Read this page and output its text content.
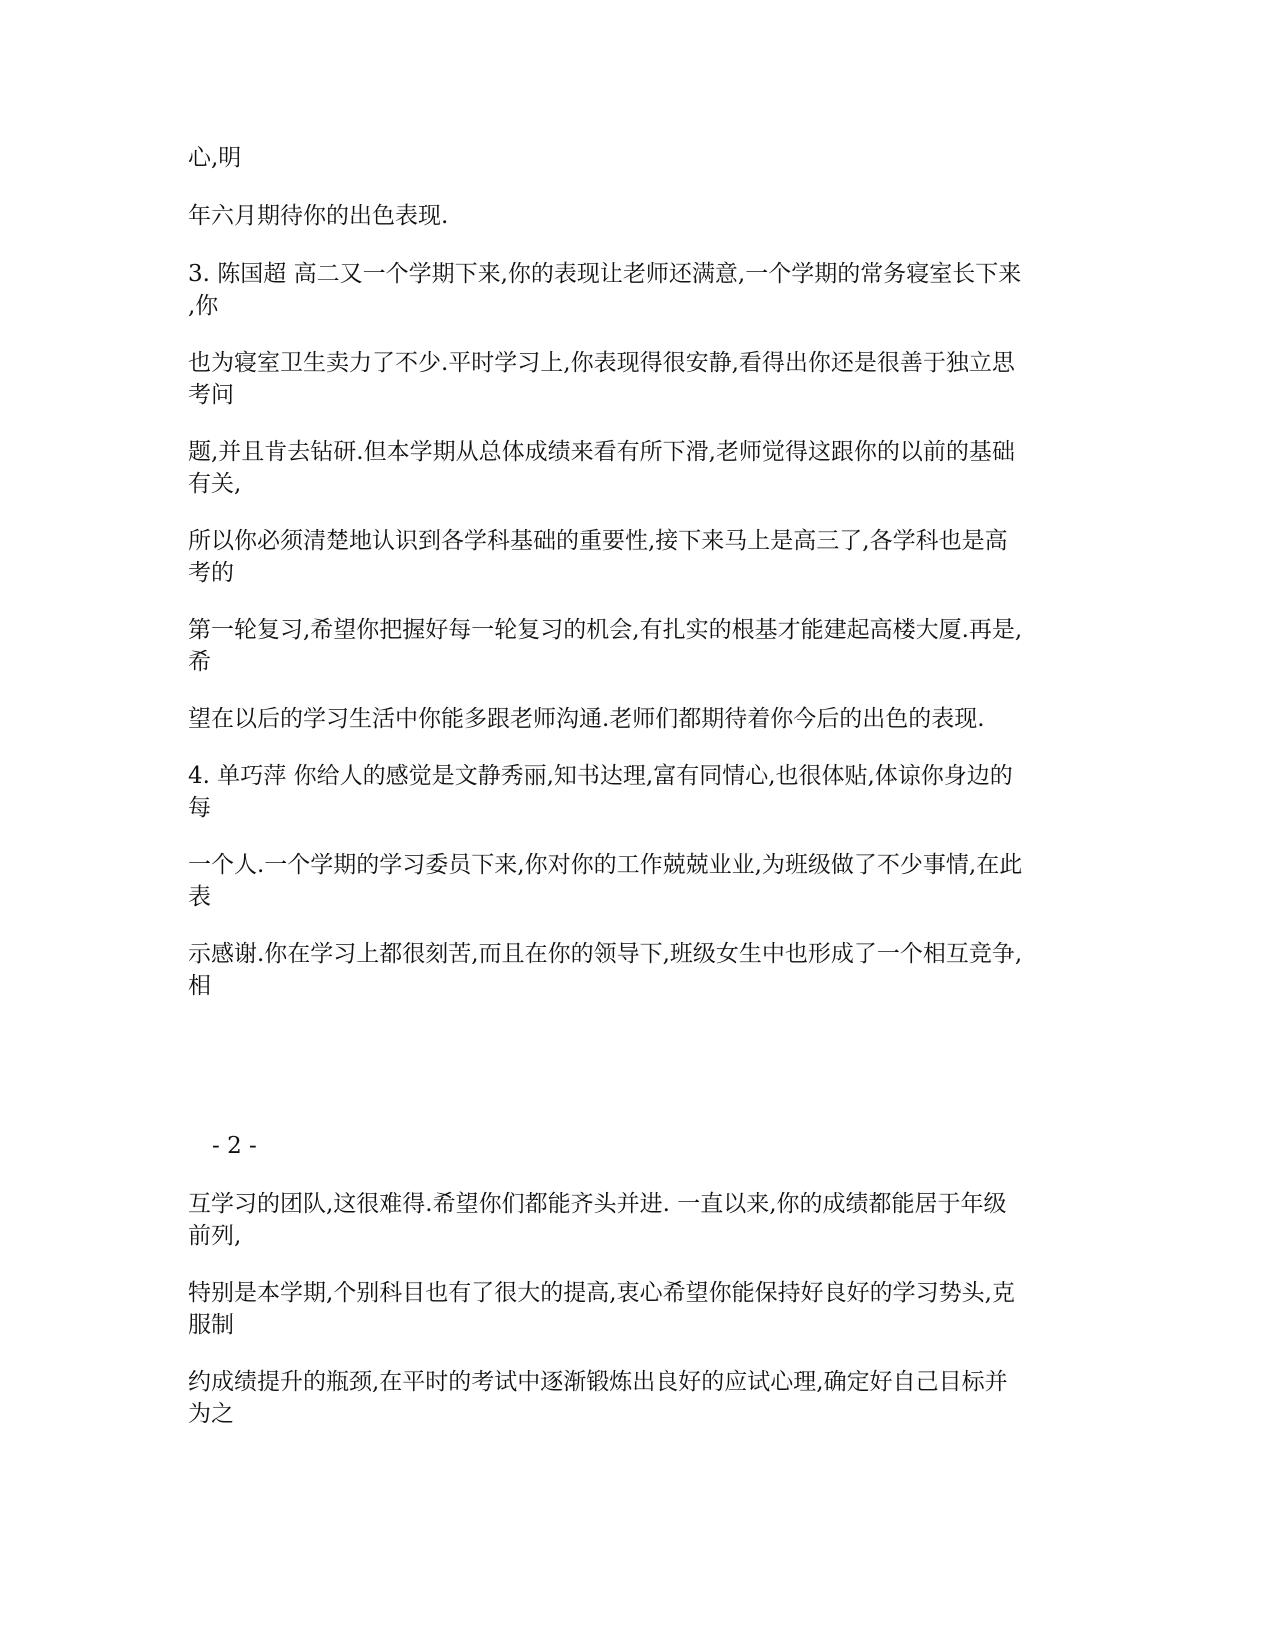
心,明

年六月期待你的出色表现.

3. 陈国超 高二又一个学期下来,你的表现让老师还满意,一个学期的常务寝室长下来
,你

也为寝室卫生卖力了不少.平时学习上,你表现得很安静,看得出你还是很善于独立思
考问

题,并且肯去钻研.但本学期从总体成绩来看有所下滑,老师觉得这跟你的以前的基础
有关,

所以你必须清楚地认识到各学科基础的重要性,接下来马上是高三了,各学科也是高
考的

第一轮复习,希望你把握好每一轮复习的机会,有扎实的根基才能建起高楼大厦.再是,
希

望在以后的学习生活中你能多跟老师沟通.老师们都期待着你今后的出色的表现.

4. 单巧萍 你给人的感觉是文静秀丽,知书达理,富有同情心,也很体贴,体谅你身边的
每

一个人.一个学期的学习委员下来,你对你的工作兢兢业业,为班级做了不少事情,在此
表

示感谢.你在学习上都很刻苦,而且在你的领导下,班级女生中也形成了一个相互竞争,
相

- 2 -

互学习的团队,这很难得.希望你们都能齐头并进. 一直以来,你的成绩都能居于年级
前列,

特别是本学期,个别科目也有了很大的提高,衷心希望你能保持好良好的学习势头,克
服制

约成绩提升的瓶颈,在平时的考试中逐渐锻炼出良好的应试心理,确定好自己目标并
为之
